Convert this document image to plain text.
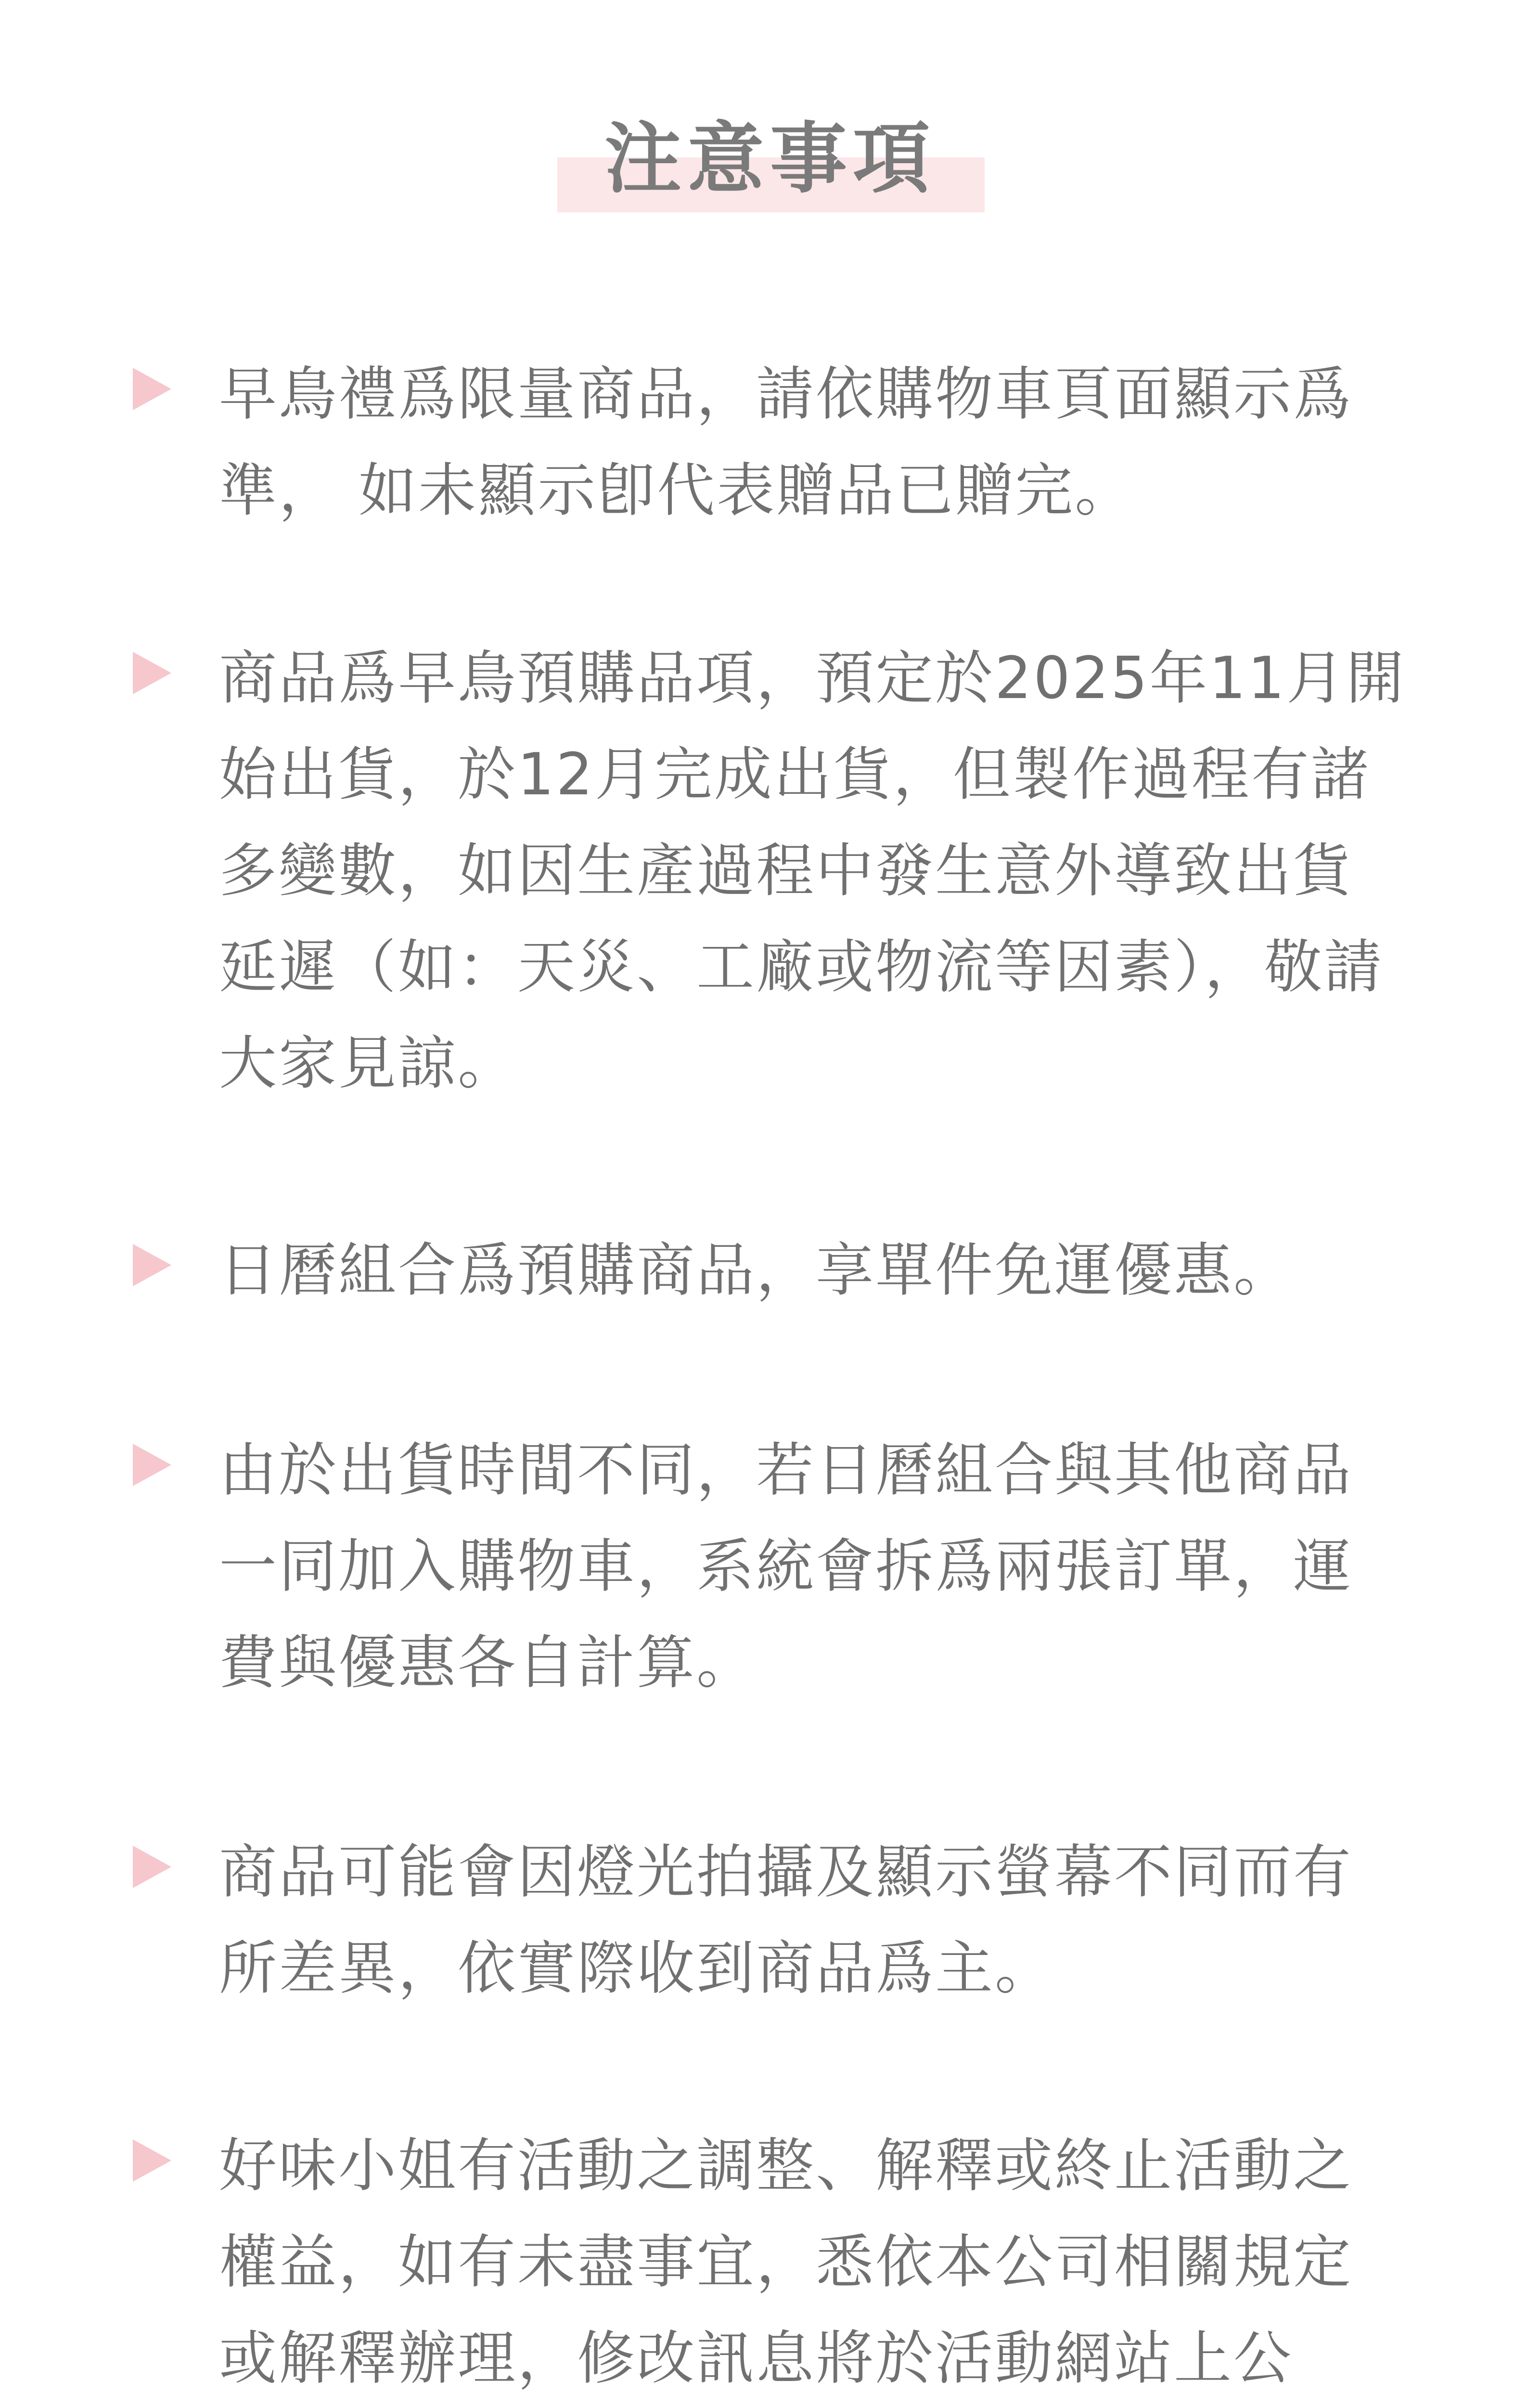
注意事項
早鳥禮爲限量商品，請依購物車頁面顯示爲準， 如未顯示卽代表贈品已贈完。
商品爲早鳥預購品項，預定於2025年11月開始出貨，於12月完成出貨，但製作過程有諸多變數，如因生產過程中發生意外導致出貨延遲（如：天災、工廠或物流等因素），敬請大家見諒。
日曆組合爲預購商品，享單件免運優惠。
由於出貨時間不同，若日曆組合與其他商品一同加入購物車，系統會拆爲兩張訂單，運費與優惠各自計算。
商品可能會因燈光拍攝及顯示螢幕不同而有所差異，依實際收到商品爲主。
好味小姐有活動之調整、解釋或終止活動之權益，如有未盡事宜，悉依本公司相關規定或解釋辦理，修改訊息將於活動網站上公
